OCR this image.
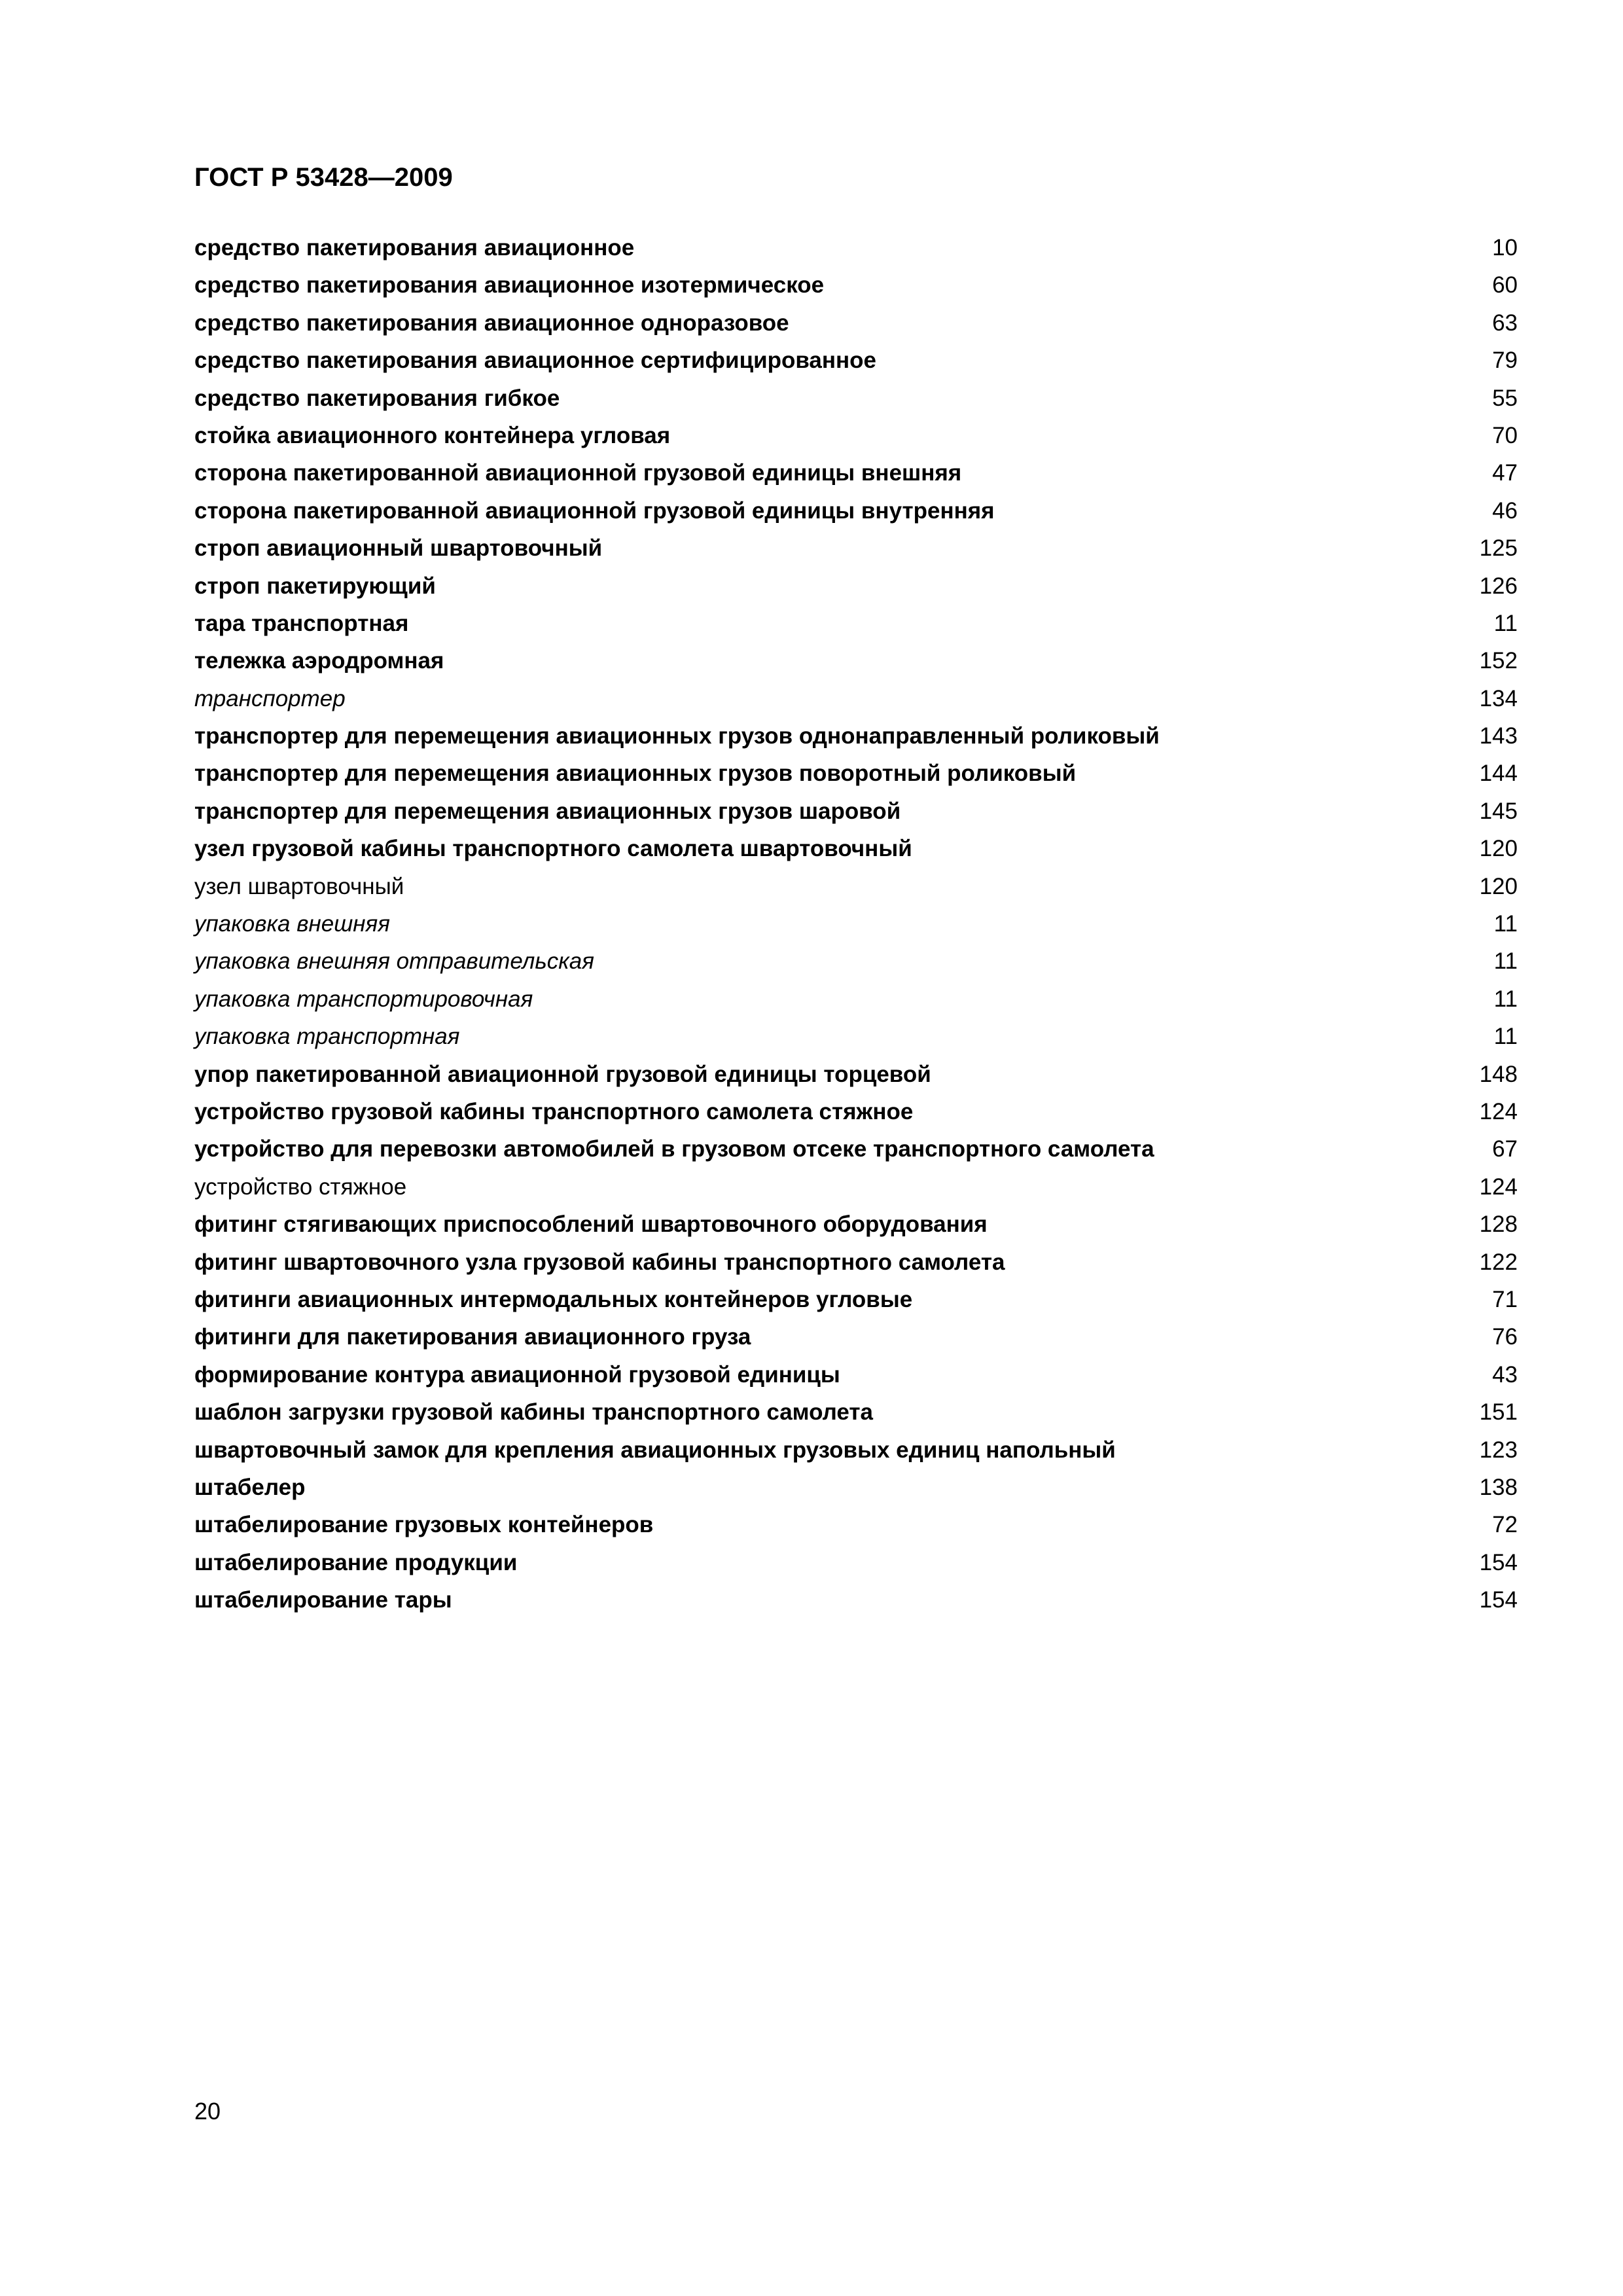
ГОСТ Р 53428—2009
средство пакетирования авиационное	10
средство пакетирования авиационное изотермическое	60
средство пакетирования авиационное одноразовое	63
средство пакетирования авиационное сертифицированное	79
средство пакетирования гибкое	55
стойка авиационного контейнера угловая	70
сторона пакетированной авиационной грузовой единицы внешняя	47
сторона пакетированной авиационной грузовой единицы внутренняя	46
строп авиационный швартовочный	125
строп пакетирующий	126
тара транспортная	11
тележка аэродромная	152
транспортер	134
транспортер для перемещения авиационных грузов однонаправленный роликовый	143
транспортер для перемещения авиационных грузов поворотный роликовый	144
транспортер для перемещения авиационных грузов шаровой	145
узел грузовой кабины транспортного самолета швартовочный	120
узел швартовочный	120
упаковка внешняя	11
упаковка внешняя отправительская	11
упаковка транспортировочная	11
упаковка транспортная	11
упор пакетированной авиационной грузовой единицы торцевой	148
устройство грузовой кабины транспортного самолета стяжное	124
устройство для перевозки автомобилей в грузовом отсеке транспортного самолета	67
устройство стяжное	124
фитинг стягивающих приспособлений швартовочного оборудования	128
фитинг швартовочного узла грузовой кабины транспортного самолета	122
фитинги авиационных интермодальных контейнеров угловые	71
фитинги для пакетирования авиационного груза	76
формирование контура авиационной грузовой единицы	43
шаблон загрузки грузовой кабины транспортного самолета	151
швартовочный замок для крепления авиационных грузовых единиц напольный	123
штабелер	138
штабелирование грузовых контейнеров	72
штабелирование продукции	154
штабелирование тары	154
20
